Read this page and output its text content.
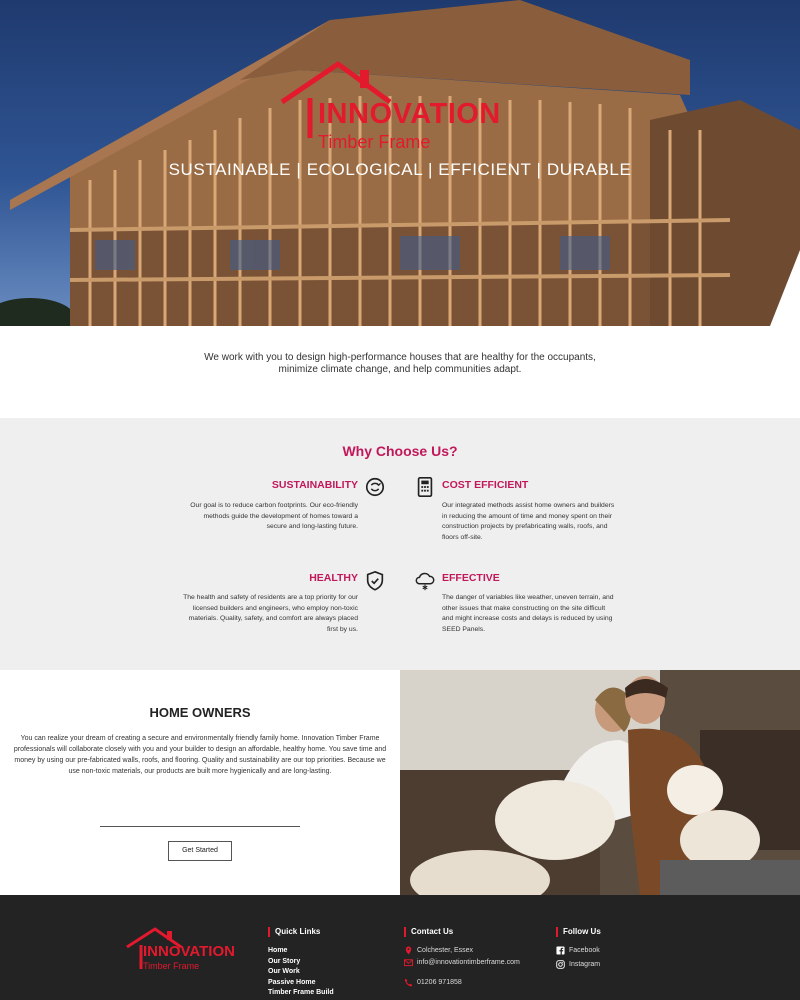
INNOVATION
Timber Frame
SUSTAINABLE | ECOLOGICAL | EFFICIENT | DURABLE

We work with you to design high-performance houses that are healthy for the occupants, minimize climate change, and help communities adapt.

Why Choose Us?
SUSTAINABILITY
Our goal is to reduce carbon footprints. Our eco-friendly methods guide the development of homes toward a secure and long-lasting future.
COST EFFICIENT
Our integrated methods assist home owners and builders in reducing the amount of time and money spent on their construction projects by prefabricating walls, roofs, and floors off-site.
HEALTHY
The health and safety of residents are a top priority for our licensed builders and engineers, who employ non-toxic materials. Quality, safety, and comfort are always placed first by us.
EFFECTIVE
The danger of variables like weather, uneven terrain, and other issues that make constructing on the site difficult and might increase costs and delays is reduced by using SEED Panels.
HOME OWNERS

You can realize your dream of creating a secure and environmentally friendly family home. Innovation Timber Frame professionals will collaborate closely with you and your builder to design an affordable, healthy home. You save time and money by using our pre-fabricated walls, roofs, and flooring. Quality and sustainability are our top priorities. Because we use non-toxic materials, our products are built more hygienically and are long-lasting.

Get Started
INNOVATION
Timber Frame
Quick Links
Home
Our Story
Our Work
Passive Home
Timber Frame Build
Contact Us
Colchester, Essex
info@innovationtimberframe.com
01206 971858
Follow Us
Facebook
Instagram
